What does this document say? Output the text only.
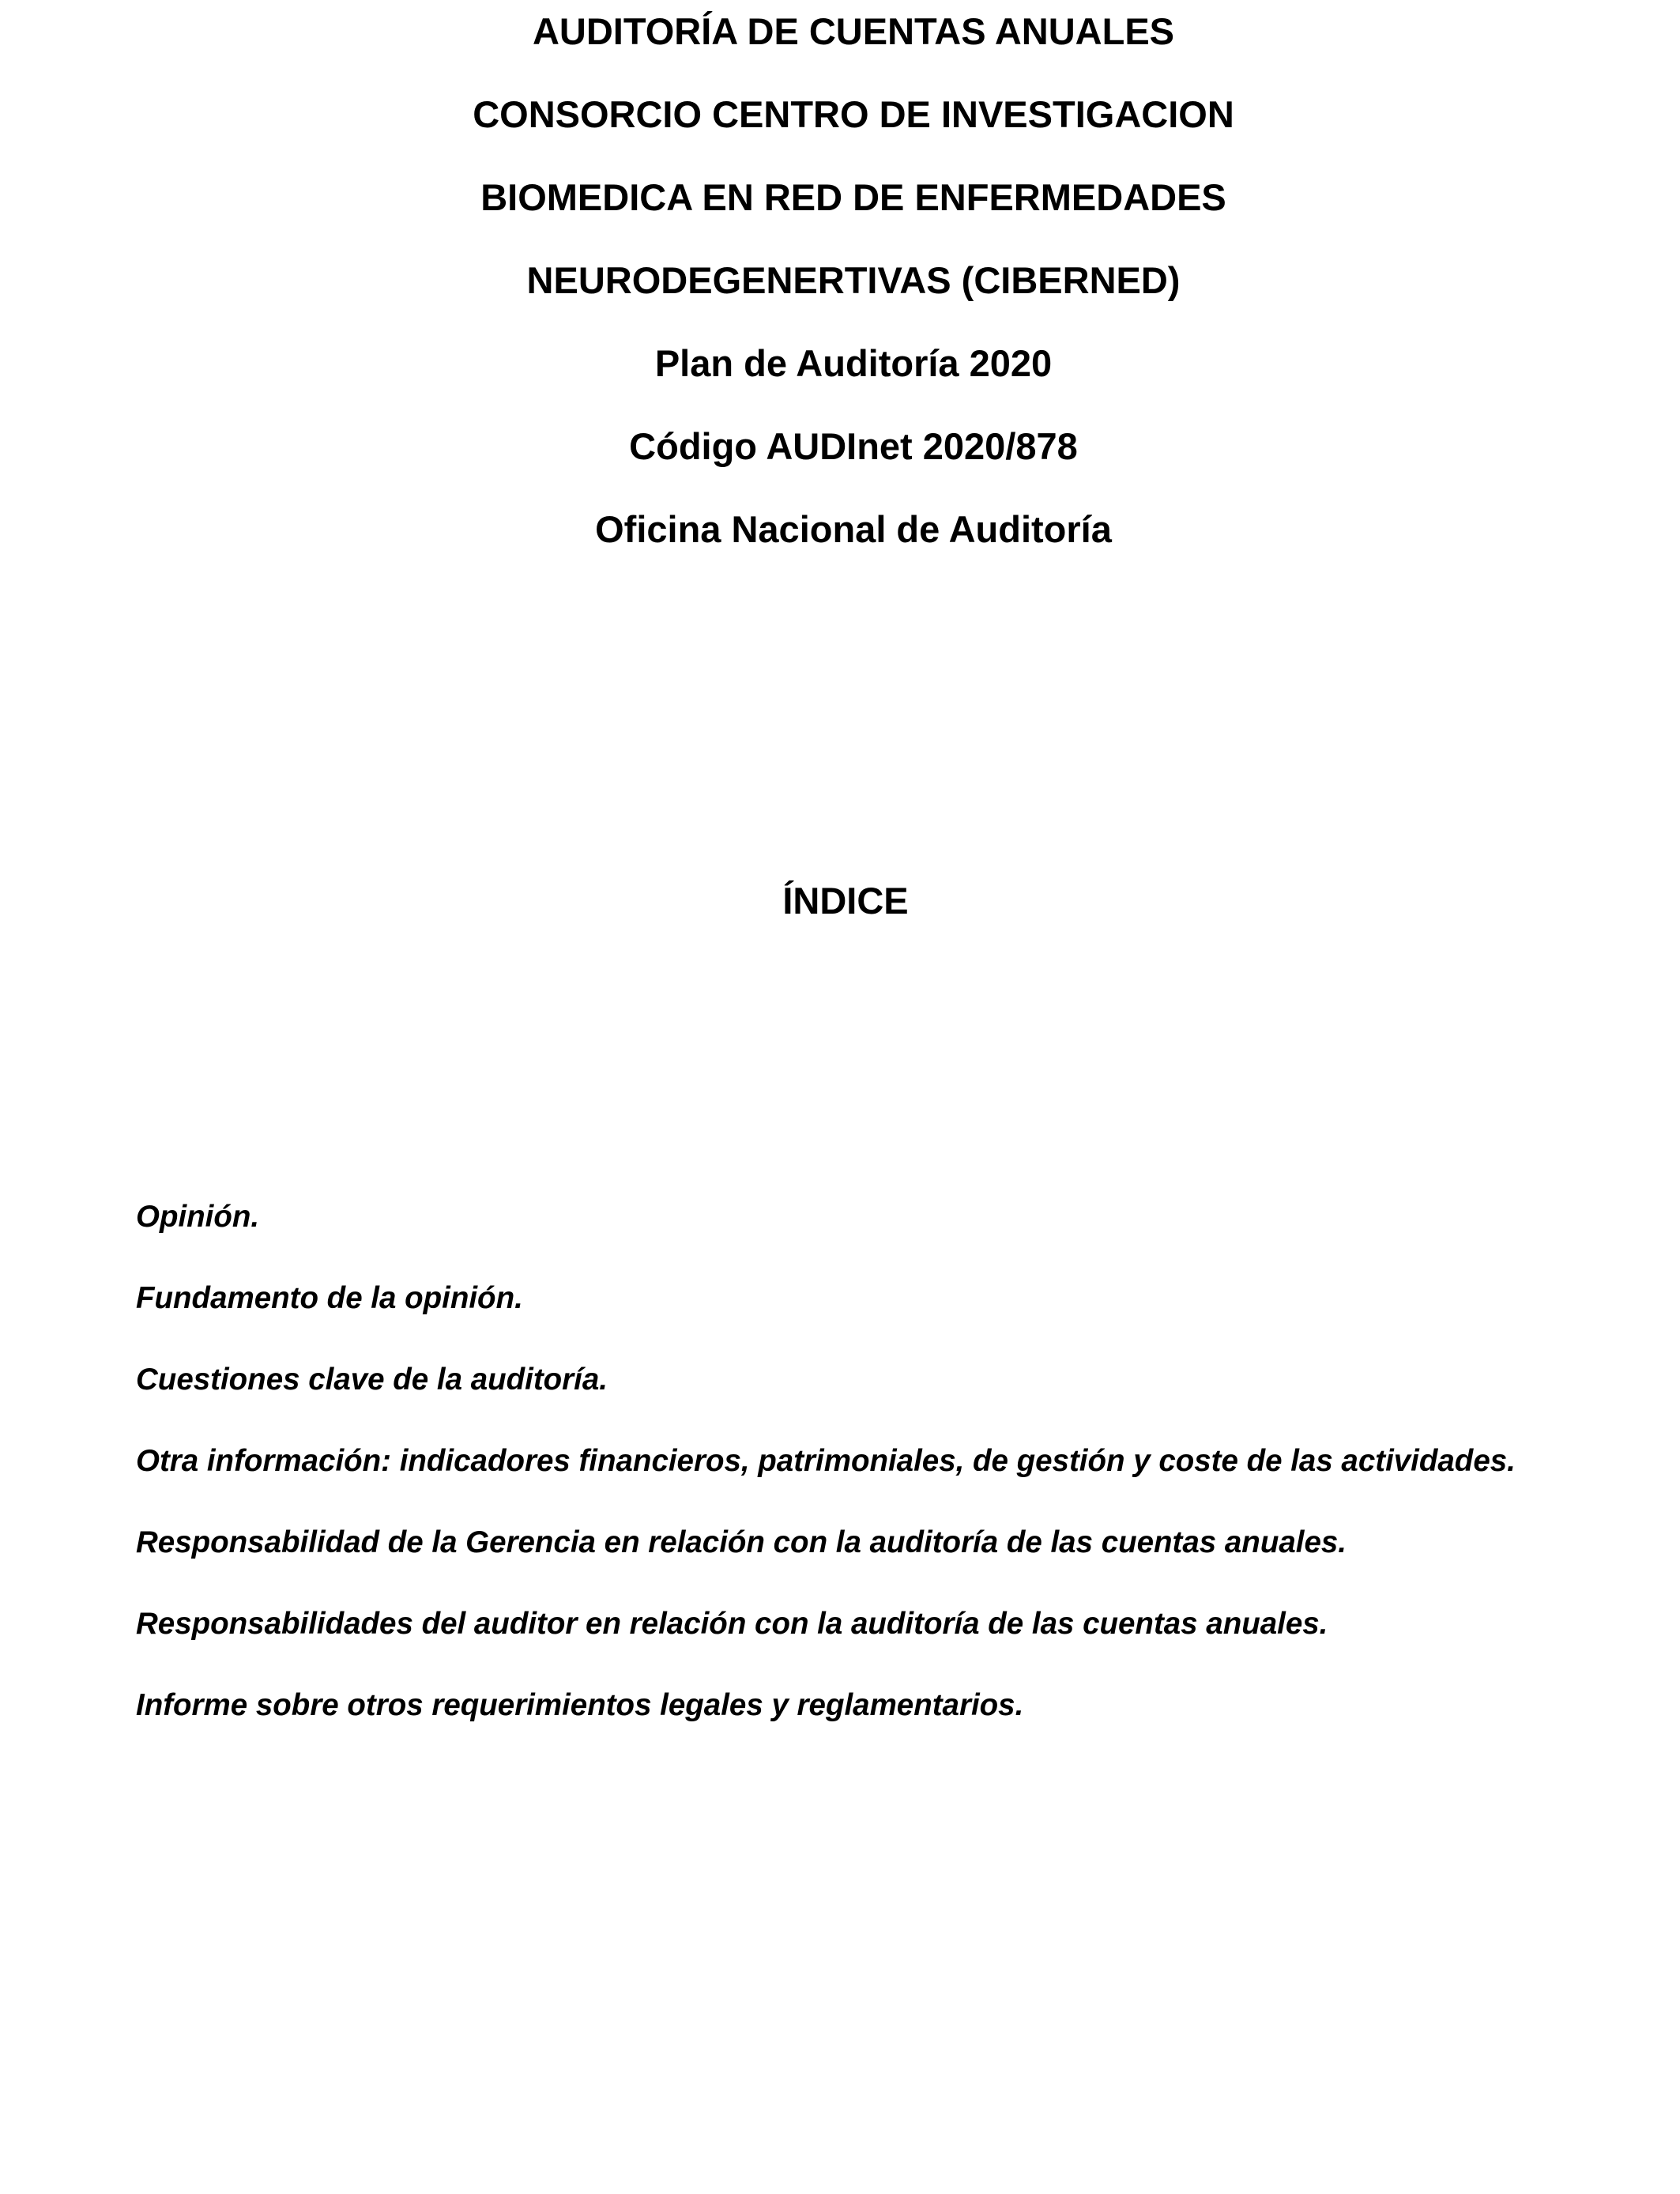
AUDITORÍA DE CUENTAS ANUALES
CONSORCIO CENTRO DE INVESTIGACION
BIOMEDICA EN RED DE ENFERMEDADES
NEURODEGENERTIVAS (CIBERNED)
Plan de Auditoría 2020
Código AUDInet 2020/878
Oficina Nacional de Auditoría
ÍNDICE
Opinión.
Fundamento de la opinión.
Cuestiones clave de la auditoría.
Otra información: indicadores financieros, patrimoniales, de gestión y coste de las actividades.
Responsabilidad de la Gerencia en relación con la auditoría de las cuentas anuales.
Responsabilidades del auditor en relación con la auditoría de las cuentas anuales.
Informe sobre otros requerimientos legales y reglamentarios.
